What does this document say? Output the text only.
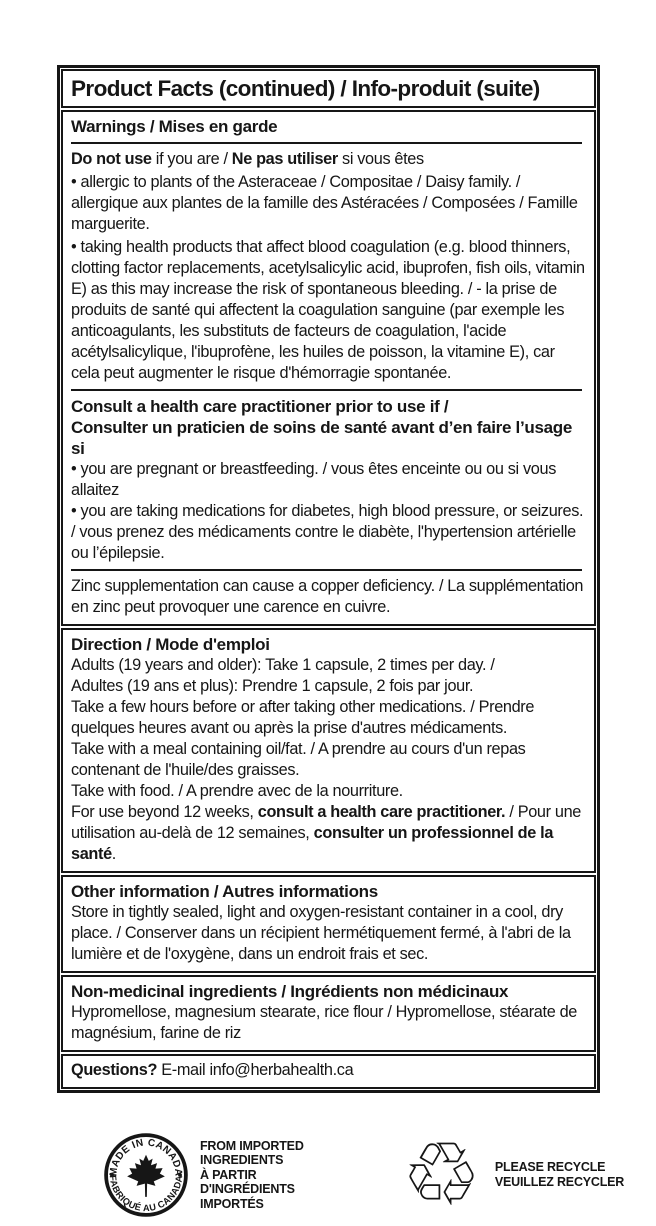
Product Facts (continued) / Info-produit (suite)
Warnings / Mises en garde
Do not use if you are / Ne pas utiliser si vous êtes
• allergic to plants of the Asteraceae / Compositae / Daisy family. / allergique aux plantes de la famille des Astéracées / Composées / Famille marguerite.
• taking health products that affect blood coagulation (e.g. blood thinners, clotting factor replacements, acetylsalicylic acid, ibuprofen, fish oils, vitamin E) as this may increase the risk of spontaneous bleeding. / - la prise de produits de santé qui affectent la coagulation sanguine (par exemple les anticoagulants, les substituts de facteurs de coagulation, l'acide acétylsalicylique, l'ibuprofène, les huiles de poisson, la vitamine E), car cela peut augmenter le risque d'hémorragie spontanée.
Consult a health care practitioner prior to use if /
Consulter un praticien de soins de santé avant d’en faire l’usage si
• you are pregnant or breastfeeding. / vous êtes enceinte ou ou si vous allaitez
• you are taking medications for diabetes, high blood pressure, or seizures. / vous prenez des médicaments contre le diabète, l'hypertension artérielle ou l’épilepsie.
Zinc supplementation can cause a copper deficiency. / La supplémentation en zinc peut provoquer une carence en cuivre.
Direction / Mode d'emploi
Adults (19 years and older): Take 1 capsule, 2 times per day. /
Adultes (19 ans et plus): Prendre 1 capsule, 2 fois par jour.
Take a few hours before or after taking other medications. / Prendre quelques heures avant ou après la prise d'autres médicaments.
Take with a meal containing oil/fat. / A prendre au cours d'un repas contenant de l'huile/des graisses.
Take with food. / A prendre avec de la nourriture.
For use beyond 12 weeks, consult a health care practitioner. / Pour une utilisation au-delà de 12 semaines, consulter un professionnel de la santé.
Other information / Autres informations
Store in tightly sealed, light and oxygen-resistant container in a cool, dry place. / Conserver dans un récipient hermétiquement fermé, à l'abri de la lumière et de l'oxygène, dans un endroit frais et sec.
Non-medicinal ingredients / Ingrédients non médicinaux
Hypromellose, magnesium stearate, rice flour / Hypromellose, stéarate de magnésium, farine de riz
Questions? E-mail info@herbahealth.ca
MADE IN CANADA
FABRIQUÉ AU CANADA
FROM IMPORTED
INGREDIENTS
À PARTIR D'INGRÉDIENTS
IMPORTÉS	♲ PLEASE RECYCLE
VEUILLEZ RECYCLER
